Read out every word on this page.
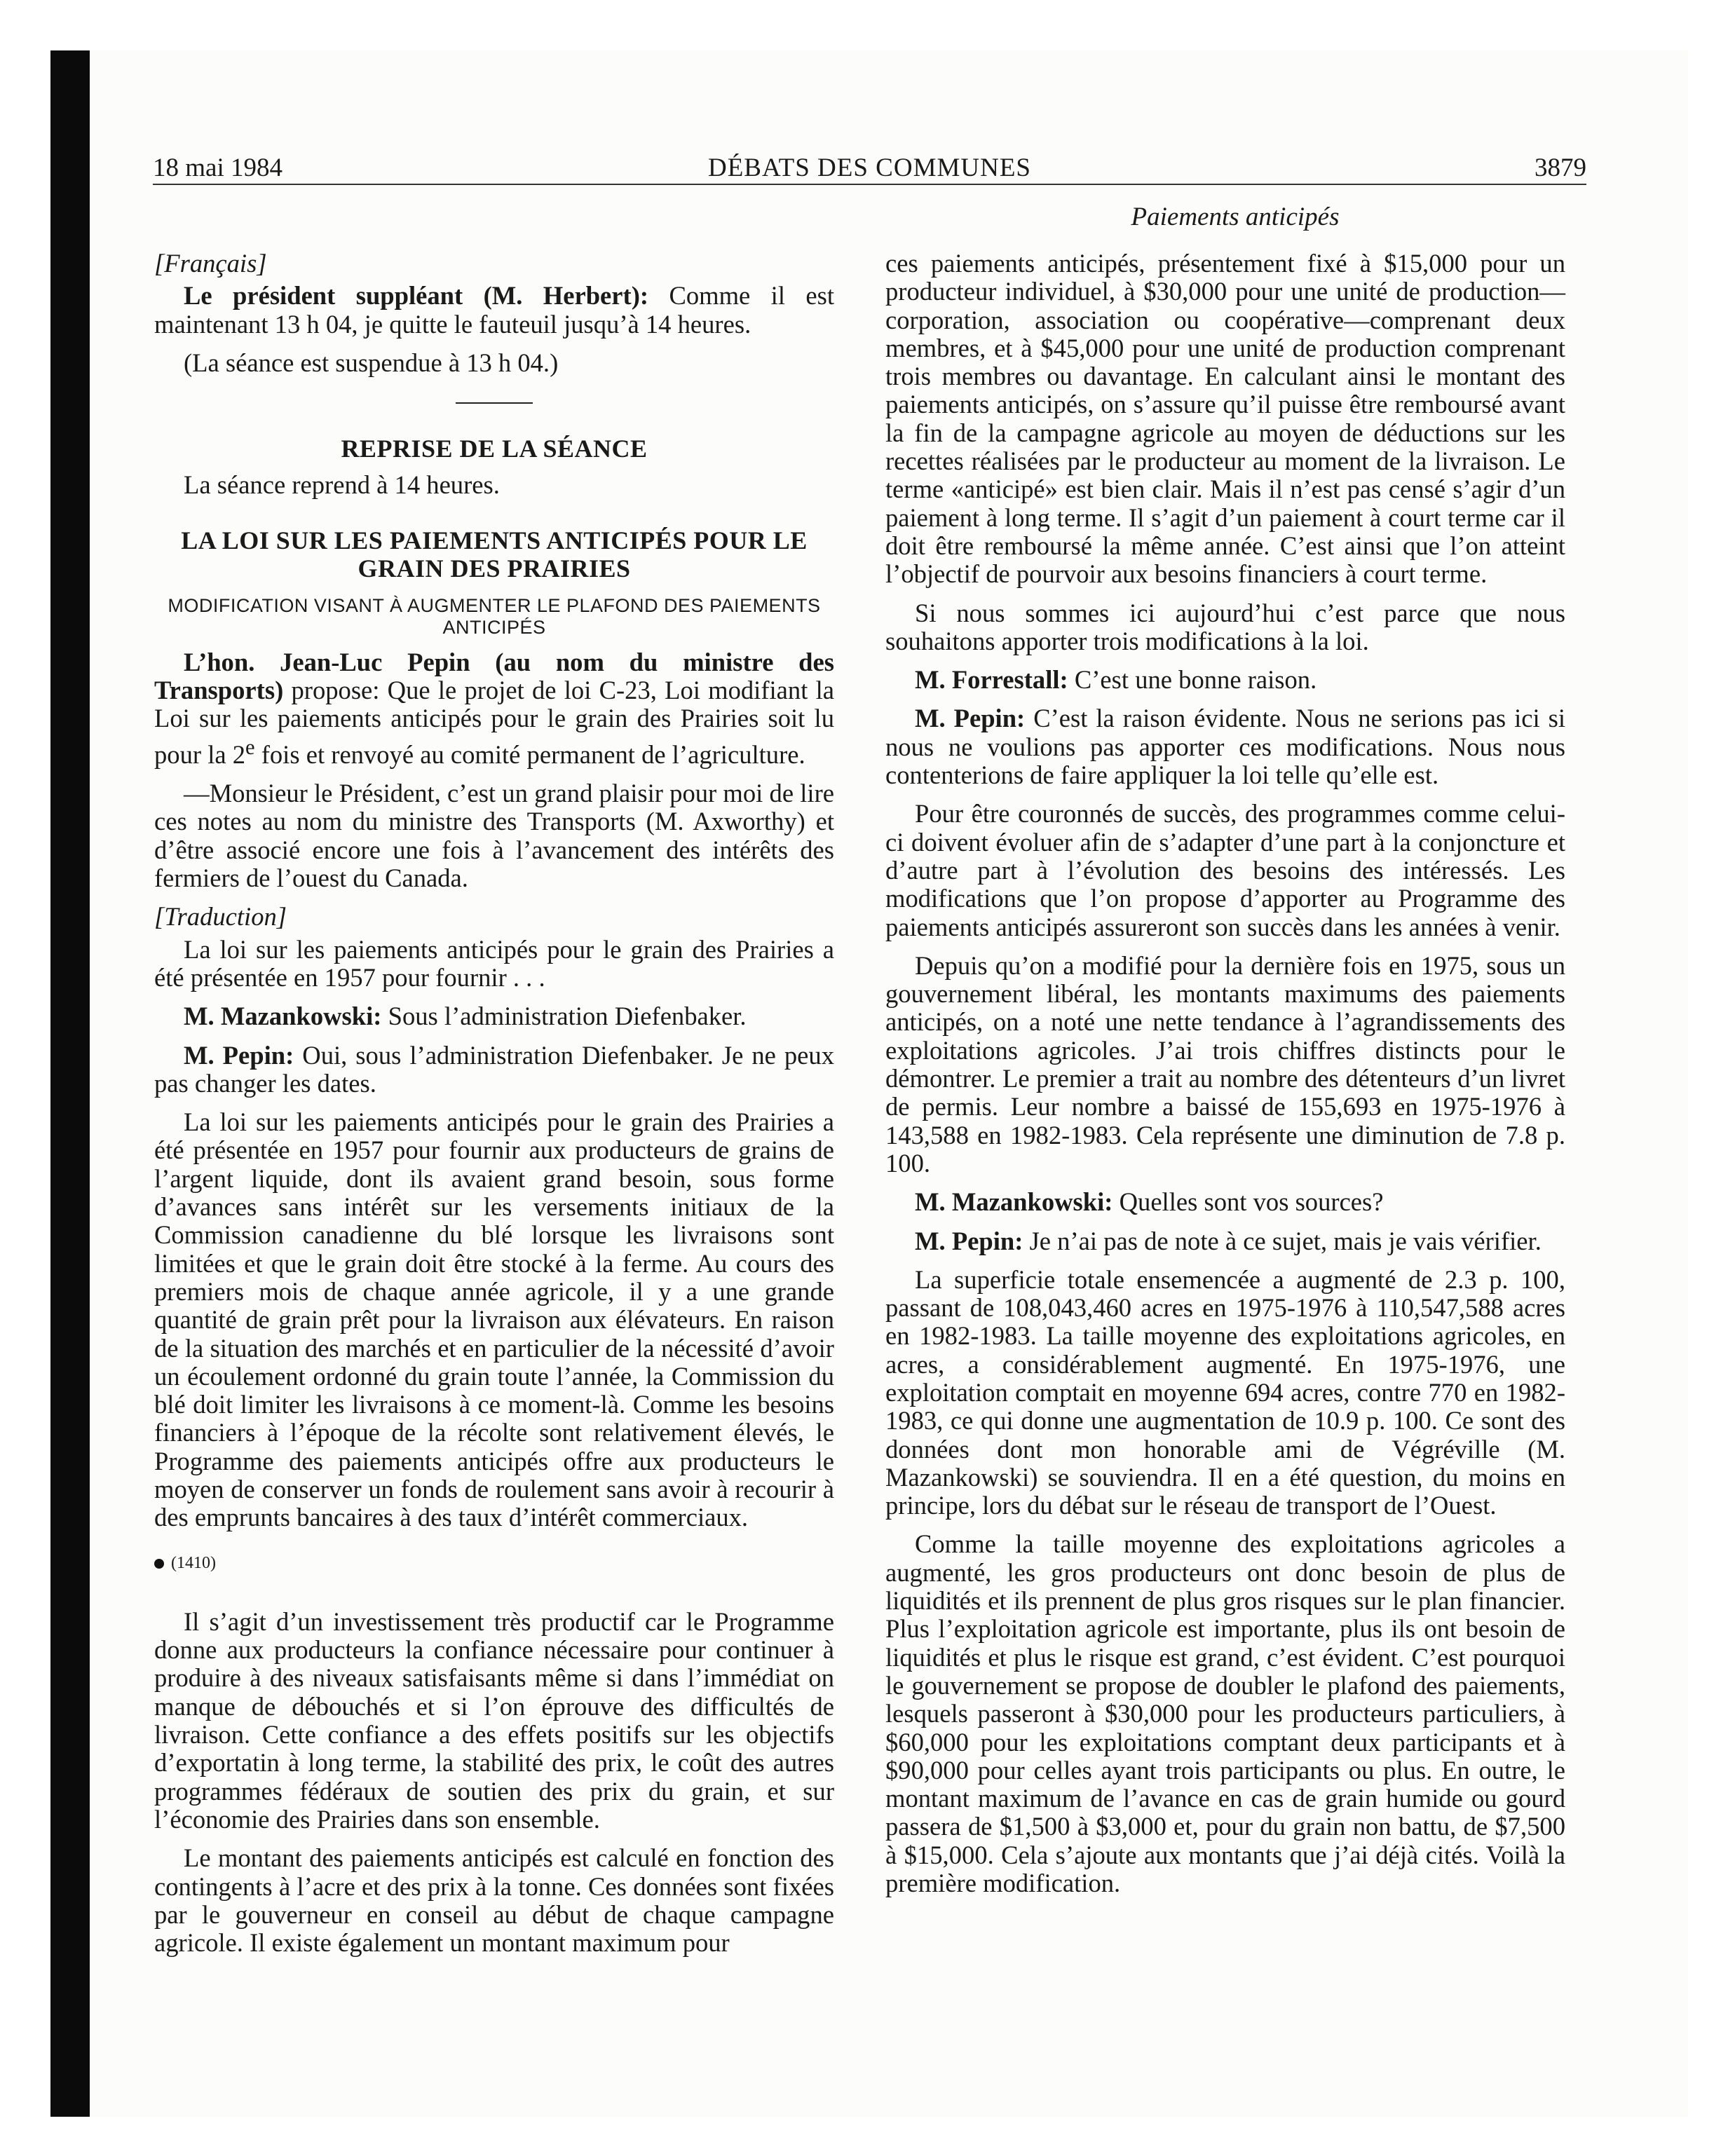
18 mai 1984	DÉBATS DES COMMUNES	3879
Paiements anticipés

[Français]

Le président suppléant (M. Herbert): Comme il est maintenant 13 h 04, je quitte le fauteuil jusqu’à 14 heures.

(La séance est suspendue à 13 h 04.)

REPRISE DE LA SÉANCE

La séance reprend à 14 heures.

LA LOI SUR LES PAIEMENTS ANTICIPÉS POUR LE GRAIN DES PRAIRIES
MODIFICATION VISANT À AUGMENTER LE PLAFOND DES PAIEMENTS ANTICIPÉS

L’hon. Jean-Luc Pepin (au nom du ministre des Transports) propose: Que le projet de loi C-23, Loi modifiant la Loi sur les paiements anticipés pour le grain des Prairies soit lu pour la 2e fois et renvoyé au comité permanent de l’agriculture.

—Monsieur le Président, c’est un grand plaisir pour moi de lire ces notes au nom du ministre des Transports (M. Axworthy) et d’être associé encore une fois à l’avancement des intérêts des fermiers de l’ouest du Canada.

[Traduction]

La loi sur les paiements anticipés pour le grain des Prairies a été présentée en 1957 pour fournir . . .

M. Mazankowski: Sous l’administration Diefenbaker.

M. Pepin: Oui, sous l’administration Diefenbaker. Je ne peux pas changer les dates.

La loi sur les paiements anticipés pour le grain des Prairies a été présentée en 1957 pour fournir aux producteurs de grains de l’argent liquide, dont ils avaient grand besoin, sous forme d’avances sans intérêt sur les versements initiaux de la Commission canadienne du blé lorsque les livraisons sont limitées et que le grain doit être stocké à la ferme. Au cours des premiers mois de chaque année agricole, il y a une grande quantité de grain prêt pour la livraison aux élévateurs. En raison de la situation des marchés et en particulier de la nécessité d’avoir un écoulement ordonné du grain toute l’année, la Commission du blé doit limiter les livraisons à ce moment-là. Comme les besoins financiers à l’époque de la récolte sont relativement élevés, le Programme des paiements anticipés offre aux producteurs le moyen de conserver un fonds de roulement sans avoir à recourir à des emprunts bancaires à des taux d’intérêt commerciaux.

(1410)

Il s’agit d’un investissement très productif car le Programme donne aux producteurs la confiance nécessaire pour continuer à produire à des niveaux satisfaisants même si dans l’immédiat on manque de débouchés et si l’on éprouve des difficultés de livraison. Cette confiance a des effets positifs sur les objectifs d’exportatin à long terme, la stabilité des prix, le coût des autres programmes fédéraux de soutien des prix du grain, et sur l’économie des Prairies dans son ensemble.

Le montant des paiements anticipés est calculé en fonction des contingents à l’acre et des prix à la tonne. Ces données sont fixées par le gouverneur en conseil au début de chaque campagne agricole. Il existe également un montant maximum pour

ces paiements anticipés, présentement fixé à $15,000 pour un producteur individuel, à $30,000 pour une unité de production—corporation, association ou coopérative—comprenant deux membres, et à $45,000 pour une unité de production comprenant trois membres ou davantage. En calculant ainsi le montant des paiements anticipés, on s’assure qu’il puisse être remboursé avant la fin de la campagne agricole au moyen de déductions sur les recettes réalisées par le producteur au moment de la livraison. Le terme «anticipé» est bien clair. Mais il n’est pas censé s’agir d’un paiement à long terme. Il s’agit d’un paiement à court terme car il doit être remboursé la même année. C’est ainsi que l’on atteint l’objectif de pourvoir aux besoins financiers à court terme.

Si nous sommes ici aujourd’hui c’est parce que nous souhaitons apporter trois modifications à la loi.

M. Forrestall: C’est une bonne raison.

M. Pepin: C’est la raison évidente. Nous ne serions pas ici si nous ne voulions pas apporter ces modifications. Nous nous contenterions de faire appliquer la loi telle qu’elle est.

Pour être couronnés de succès, des programmes comme celui-ci doivent évoluer afin de s’adapter d’une part à la conjoncture et d’autre part à l’évolution des besoins des intéressés. Les modifications que l’on propose d’apporter au Programme des paiements anticipés assureront son succès dans les années à venir.

Depuis qu’on a modifié pour la dernière fois en 1975, sous un gouvernement libéral, les montants maximums des paiements anticipés, on a noté une nette tendance à l’agrandissements des exploitations agricoles. J’ai trois chiffres distincts pour le démontrer. Le premier a trait au nombre des détenteurs d’un livret de permis. Leur nombre a baissé de 155,693 en 1975-1976 à 143,588 en 1982-1983. Cela représente une diminution de 7.8 p. 100.

M. Mazankowski: Quelles sont vos sources?

M. Pepin: Je n’ai pas de note à ce sujet, mais je vais vérifier.

La superficie totale ensemencée a augmenté de 2.3 p. 100, passant de 108,043,460 acres en 1975-1976 à 110,547,588 acres en 1982-1983. La taille moyenne des exploitations agricoles, en acres, a considérablement augmenté. En 1975-1976, une exploitation comptait en moyenne 694 acres, contre 770 en 1982-1983, ce qui donne une augmentation de 10.9 p. 100. Ce sont des données dont mon honorable ami de Végréville (M. Mazankowski) se souviendra. Il en a été question, du moins en principe, lors du débat sur le réseau de transport de l’Ouest.

Comme la taille moyenne des exploitations agricoles a augmenté, les gros producteurs ont donc besoin de plus de liquidités et ils prennent de plus gros risques sur le plan financier. Plus l’exploitation agricole est importante, plus ils ont besoin de liquidités et plus le risque est grand, c’est évident. C’est pourquoi le gouvernement se propose de doubler le plafond des paiements, lesquels passeront à $30,000 pour les producteurs particuliers, à $60,000 pour les exploitations comptant deux participants et à $90,000 pour celles ayant trois participants ou plus. En outre, le montant maximum de l’avance en cas de grain humide ou gourd passera de $1,500 à $3,000 et, pour du grain non battu, de $7,500 à $15,000. Cela s’ajoute aux montants que j’ai déjà cités. Voilà la première modification.
